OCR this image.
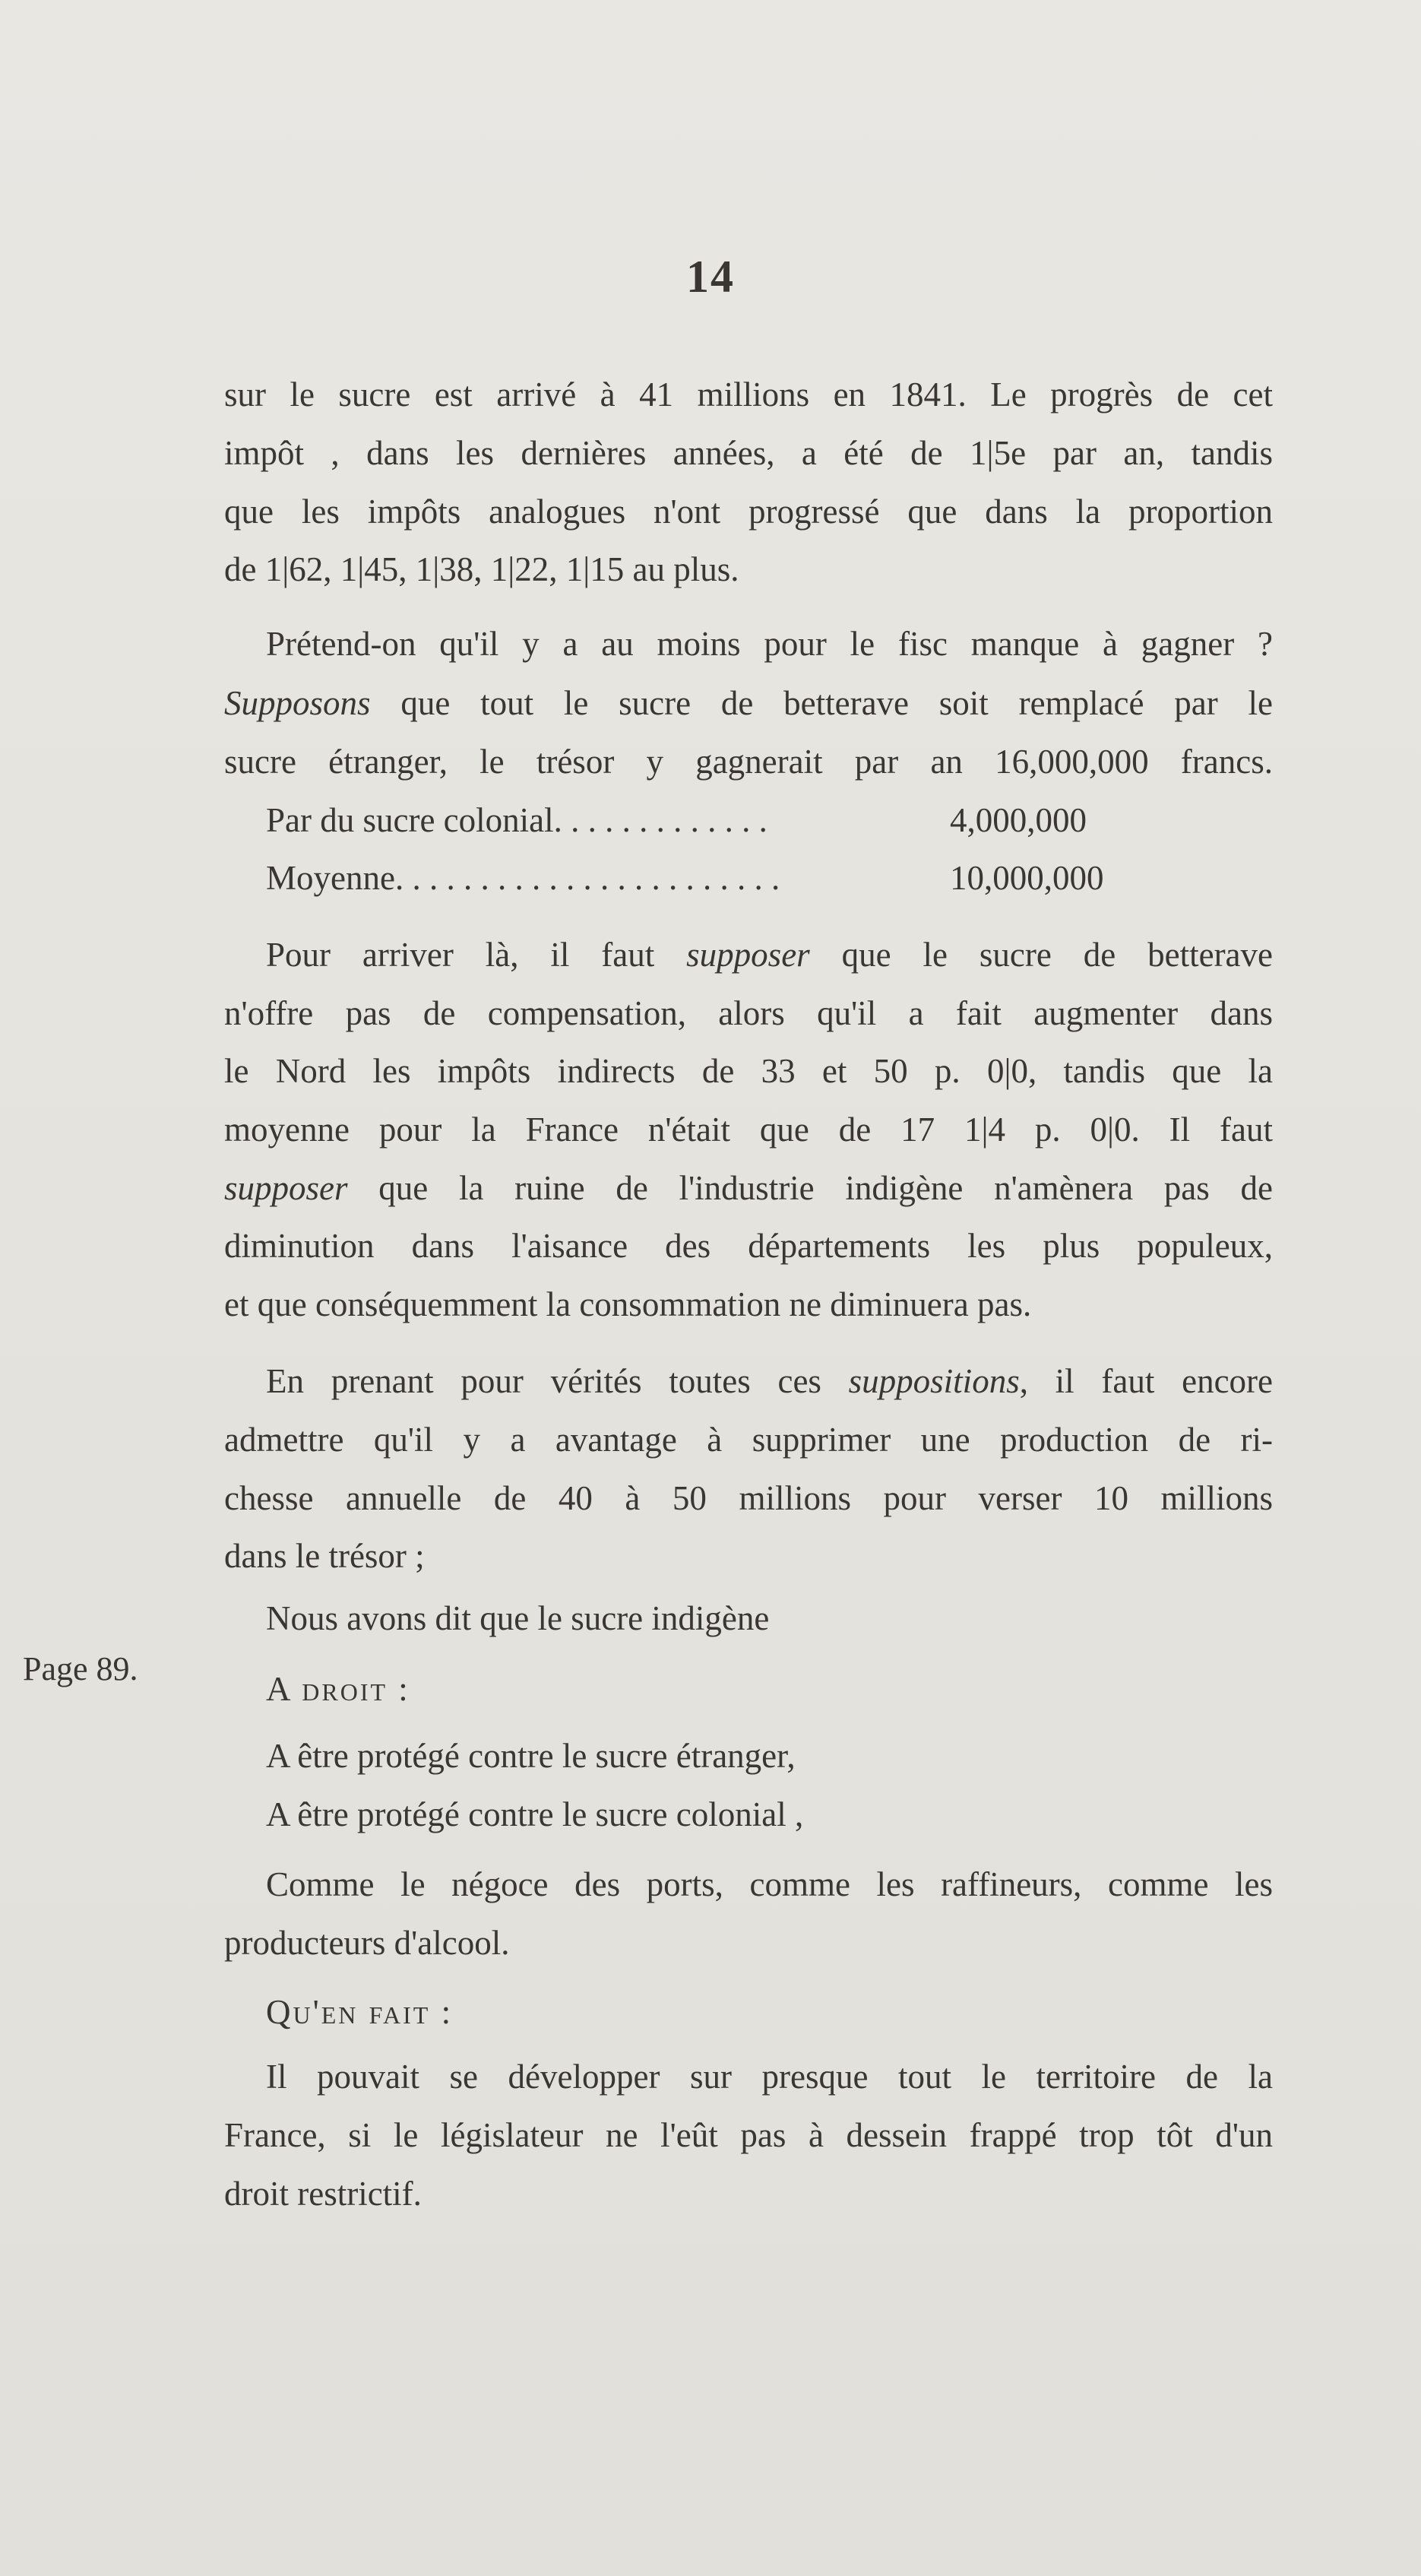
14
sur le sucre est arrivé à 41 millions en 1841. Le progrès de cet
impôt , dans les dernières années, a été de 1|5e par an, tandis
que les impôts analogues n'ont progressé que dans la proportion
de 1|62, 1|45, 1|38, 1|22, 1|15 au plus.
Prétend-on qu'il y a au moins pour le fisc manque à gagner ?
Supposons que tout le sucre de betterave soit remplacé par le
sucre étranger, le trésor y gagnerait par an 16,000,000 francs.
Par du sucre colonial. . . . . . . . . . . . .	4,000,000
Moyenne. . . . . . . . . . . . . . . . . . . . . . .	10,000,000
Pour arriver là, il faut supposer que le sucre de betterave
n'offre pas de compensation, alors qu'il a fait augmenter dans
le Nord les impôts indirects de 33 et 50 p. 0|0, tandis que la
moyenne pour la France n'était que de 17 1|4 p. 0|0. Il faut
supposer que la ruine de l'industrie indigène n'amènera pas de
diminution dans l'aisance des départements les plus populeux,
et que conséquemment la consommation ne diminuera pas.
En prenant pour vérités toutes ces suppositions, il faut encore
admettre qu'il y a avantage à supprimer une production de ri-
chesse annuelle de 40 à 50 millions pour verser 10 millions
dans le trésor ;
Nous avons dit que le sucre indigène
Page 89.
A droit :
A être protégé contre le sucre étranger,
A être protégé contre le sucre colonial ,
Comme le négoce des ports, comme les raffineurs, comme les
producteurs d'alcool.
Qu'en fait :
Il pouvait se développer sur presque tout le territoire de la
France, si le législateur ne l'eût pas à dessein frappé trop tôt d'un
droit restrictif.
